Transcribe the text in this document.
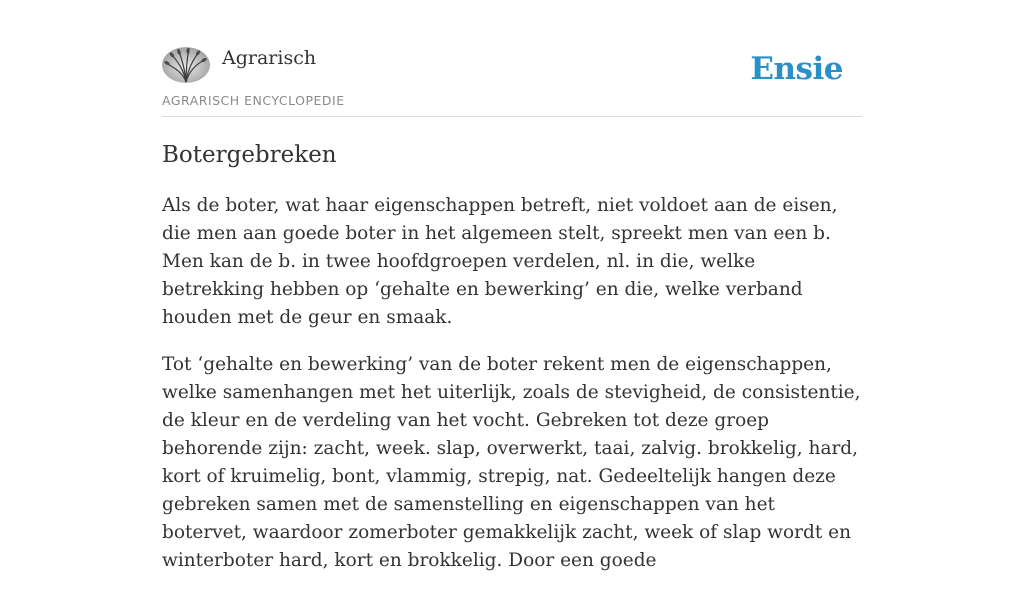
Agrarisch
AGRARISCH ENCYCLOPEDIE
Ensie
Botergebreken

Als de boter, wat haar eigenschappen betreft, niet voldoet aan de eisen, die men aan goede boter in het algemeen stelt, spreekt men van een b. Men kan de b. in twee hoofdgroepen verdelen, nl. in die, welke betrekking hebben op ‘gehalte en bewerking’ en die, welke verband houden met de geur en smaak.

Tot ‘gehalte en bewerking’ van de boter rekent men de eigenschappen, welke samenhangen met het uiterlijk, zoals de stevigheid, de consistentie, de kleur en de verdeling van het vocht. Gebreken tot deze groep behorende zijn: zacht, week. slap, overwerkt, taai, zalvig. brokkelig, hard, kort of kruimelig, bont, vlammig, strepig, nat. Gedeeltelijk hangen deze gebreken samen met de samenstelling en eigenschappen van het botervet, waardoor zomerboter gemakkelijk zacht, week of slap wordt en winterboter hard, kort en brokkelig. Door een goede
